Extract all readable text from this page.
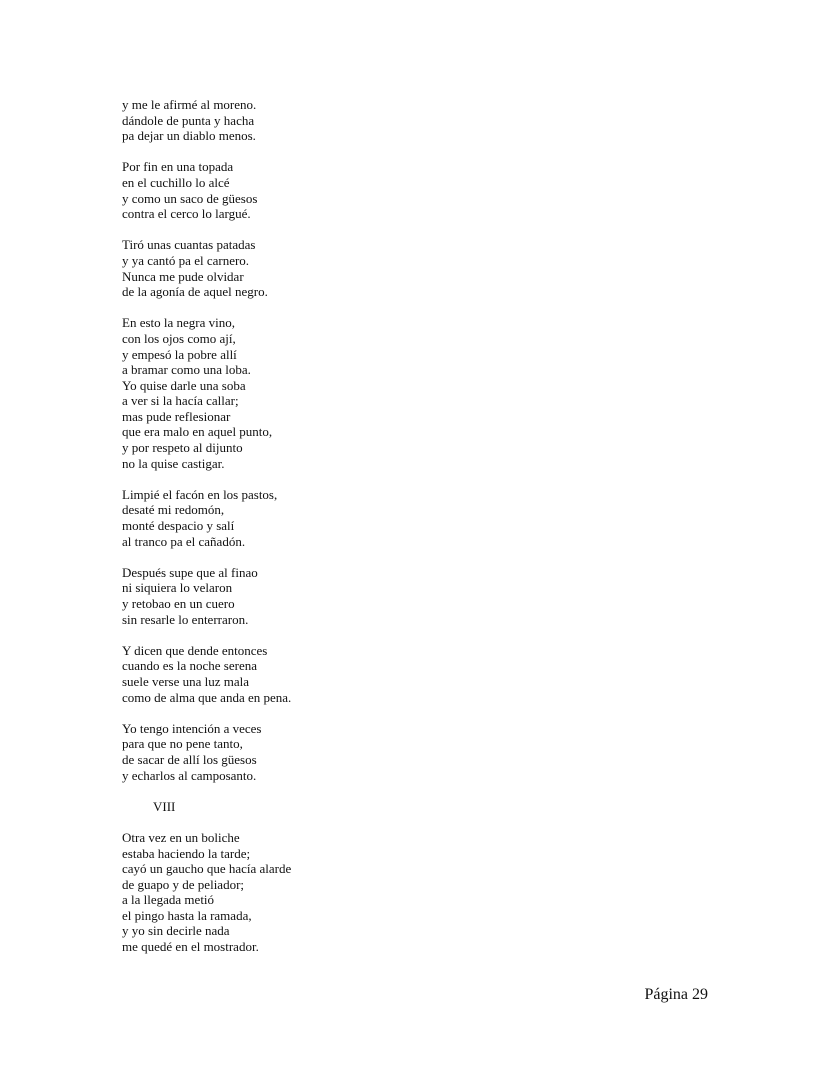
y me le afirmé al moreno.
dándole de punta y hacha
pa dejar un diablo menos.
Por fin en una topada
en el cuchillo lo alcé
y como un saco de güesos
contra el cerco lo largué.
Tiró unas cuantas patadas
y ya cantó pa el carnero.
Nunca me pude olvidar
de la agonía de aquel negro.
En esto la negra vino,
con los ojos como ají,
y empesó la pobre allí
a bramar como una loba.
Yo quise darle una soba
a ver si la hacía callar;
mas pude reflesionar
que era malo en aquel punto,
y por respeto al dijunto
no la quise castigar.
Limpié el facón en los pastos,
desaté mi redomón,
monté despacio y salí
al tranco pa el cañadón.
Después supe que al finao
ni siquiera lo velaron
y retobao en un cuero
sin resarle lo enterraron.
Y dicen que dende entonces
cuando es la noche serena
suele verse una luz mala
como de alma que anda en pena.
Yo tengo intención a veces
para que no pene tanto,
de sacar de allí los güesos
y echarlos al camposanto.
VIII
Otra vez en un boliche
estaba haciendo la tarde;
cayó un gaucho que hacía alarde
de guapo y de peliador;
a la llegada metió
el pingo hasta la ramada,
y yo sin decirle nada
me quedé en el mostrador.
Página 29
